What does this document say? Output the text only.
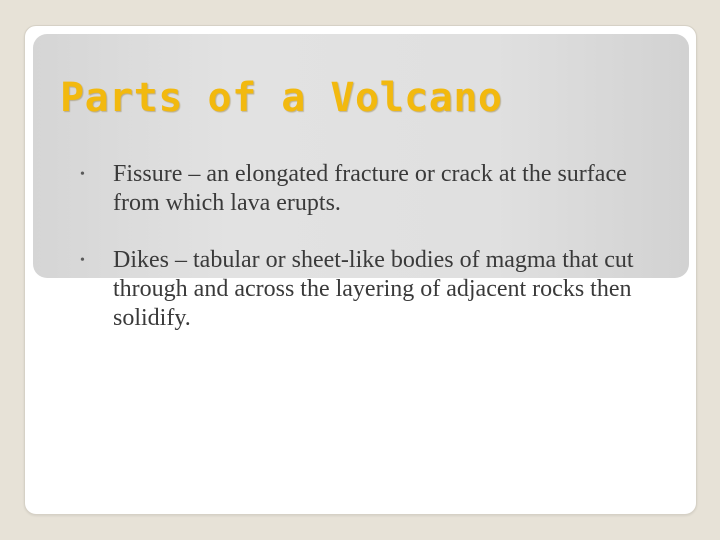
Parts of a Volcano
• Fissure – an elongated fracture or crack at the surface from which lava erupts.
• Dikes – tabular or sheet-like bodies of magma that cut through and across the layering of adjacent rocks then solidify.
